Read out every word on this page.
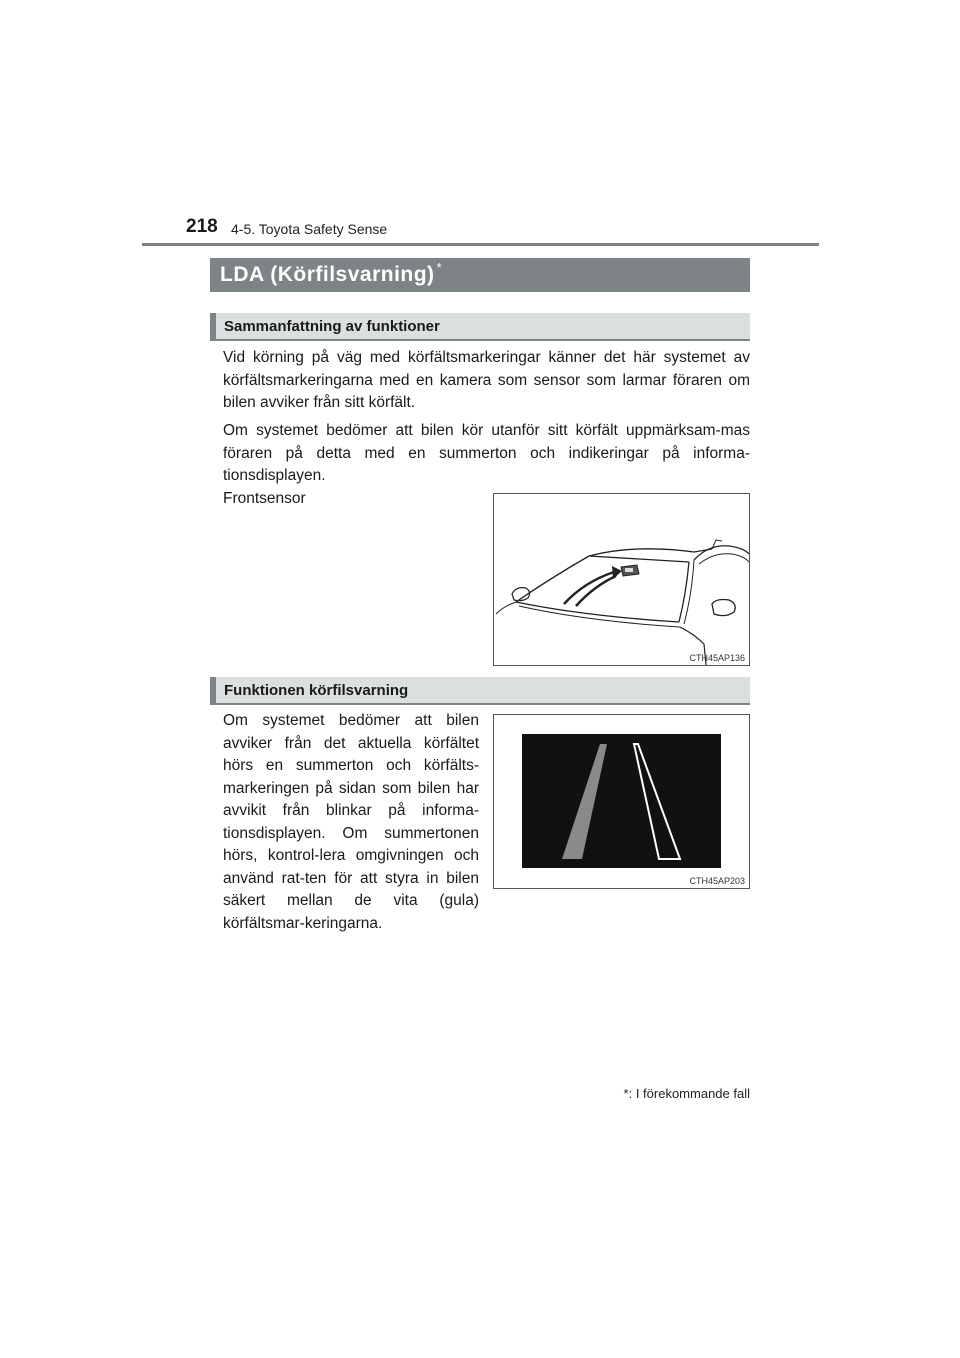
218 4-5. Toyota Safety Sense
LDA (Körfilsvarning) *
Sammanfattning av funktioner
Vid körning på väg med körfältsmarkeringar känner det här systemet av körfältsmarkeringarna med en kamera som sensor som larmar föraren om bilen avviker från sitt körfält.
Om systemet bedömer att bilen kör utanför sitt körfält uppmärksam-mas föraren på detta med en summerton och indikeringar på informa-tionsdisplayen.
Frontsensor
CTH45AP136
Funktionen körfilsvarning
Om systemet bedömer att bilen avviker från det aktuella körfältet hörs en summerton och körfälts-markeringen på sidan som bilen har avvikit från blinkar på informa-tionsdisplayen. Om summertonen hörs, kontrol-lera omgivningen och använd rat-ten för att styra in bilen säkert mellan de vita (gula) körfältsmar-keringarna.
CTH45AP203
*: I förekommande fall
